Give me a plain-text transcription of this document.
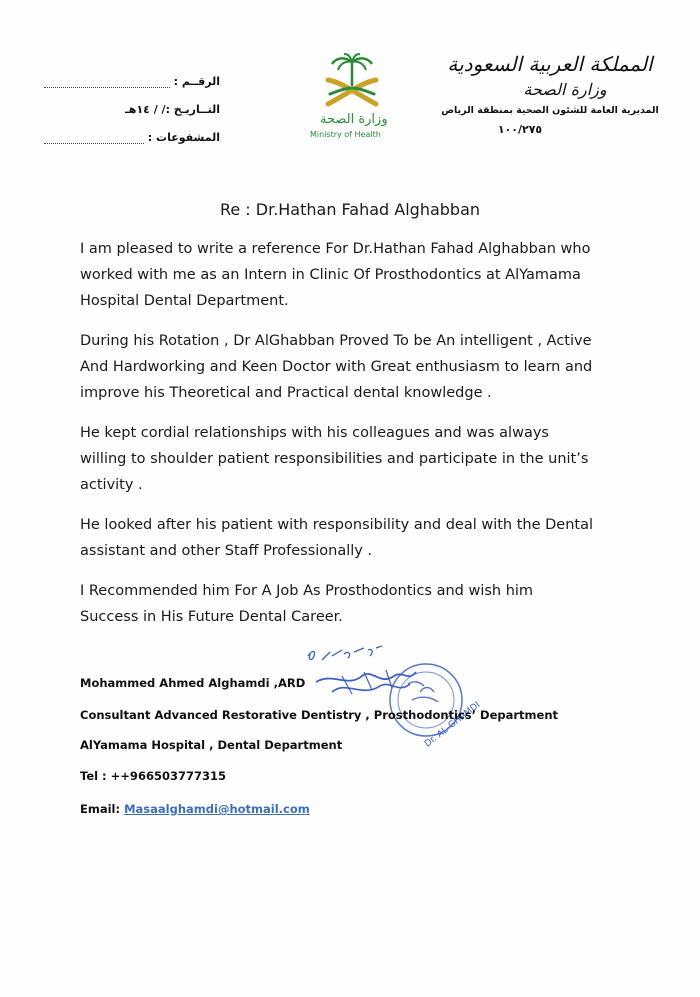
الرقــم :
التــاريـخ :
/ / ١٤هـ
المشفوعات :
وزارة الصحة
Ministry of Health
المملكة العربية السعودية
وزارة الصحة
المديرية العامة للشئون الصحية بمنطقة الرياض
١٠٠/٢٧٥
Re : Dr.Hathan Fahad Alghabban
I am pleased to write a reference For Dr.Hathan Fahad Alghabban who
worked with me as an Intern in Clinic Of Prosthodontics at AlYamama
Hospital Dental Department.
During his Rotation , Dr AlGhabban Proved To be An intelligent , Active
And Hardworking and Keen Doctor with Great enthusiasm to learn and
improve his Theoretical and Practical dental knowledge .
He kept cordial relationships with his colleagues and was always
willing to shoulder patient responsibilities and participate in the unit’s
activity .
He looked after his patient with responsibility and deal with the Dental
assistant and other Staff Professionally .
I Recommended him For A Job As Prosthodontics and wish him
Success in His Future Dental Career.
Dr. AL-GHAMDI
Mohammed Ahmed Alghamdi ,ARD
Consultant Advanced Restorative Dentistry , Prosthodontics’ Department
AlYamama Hospital , Dental Department
Tel : ++966503777315
Email: Masaalghamdi@hotmail.com
